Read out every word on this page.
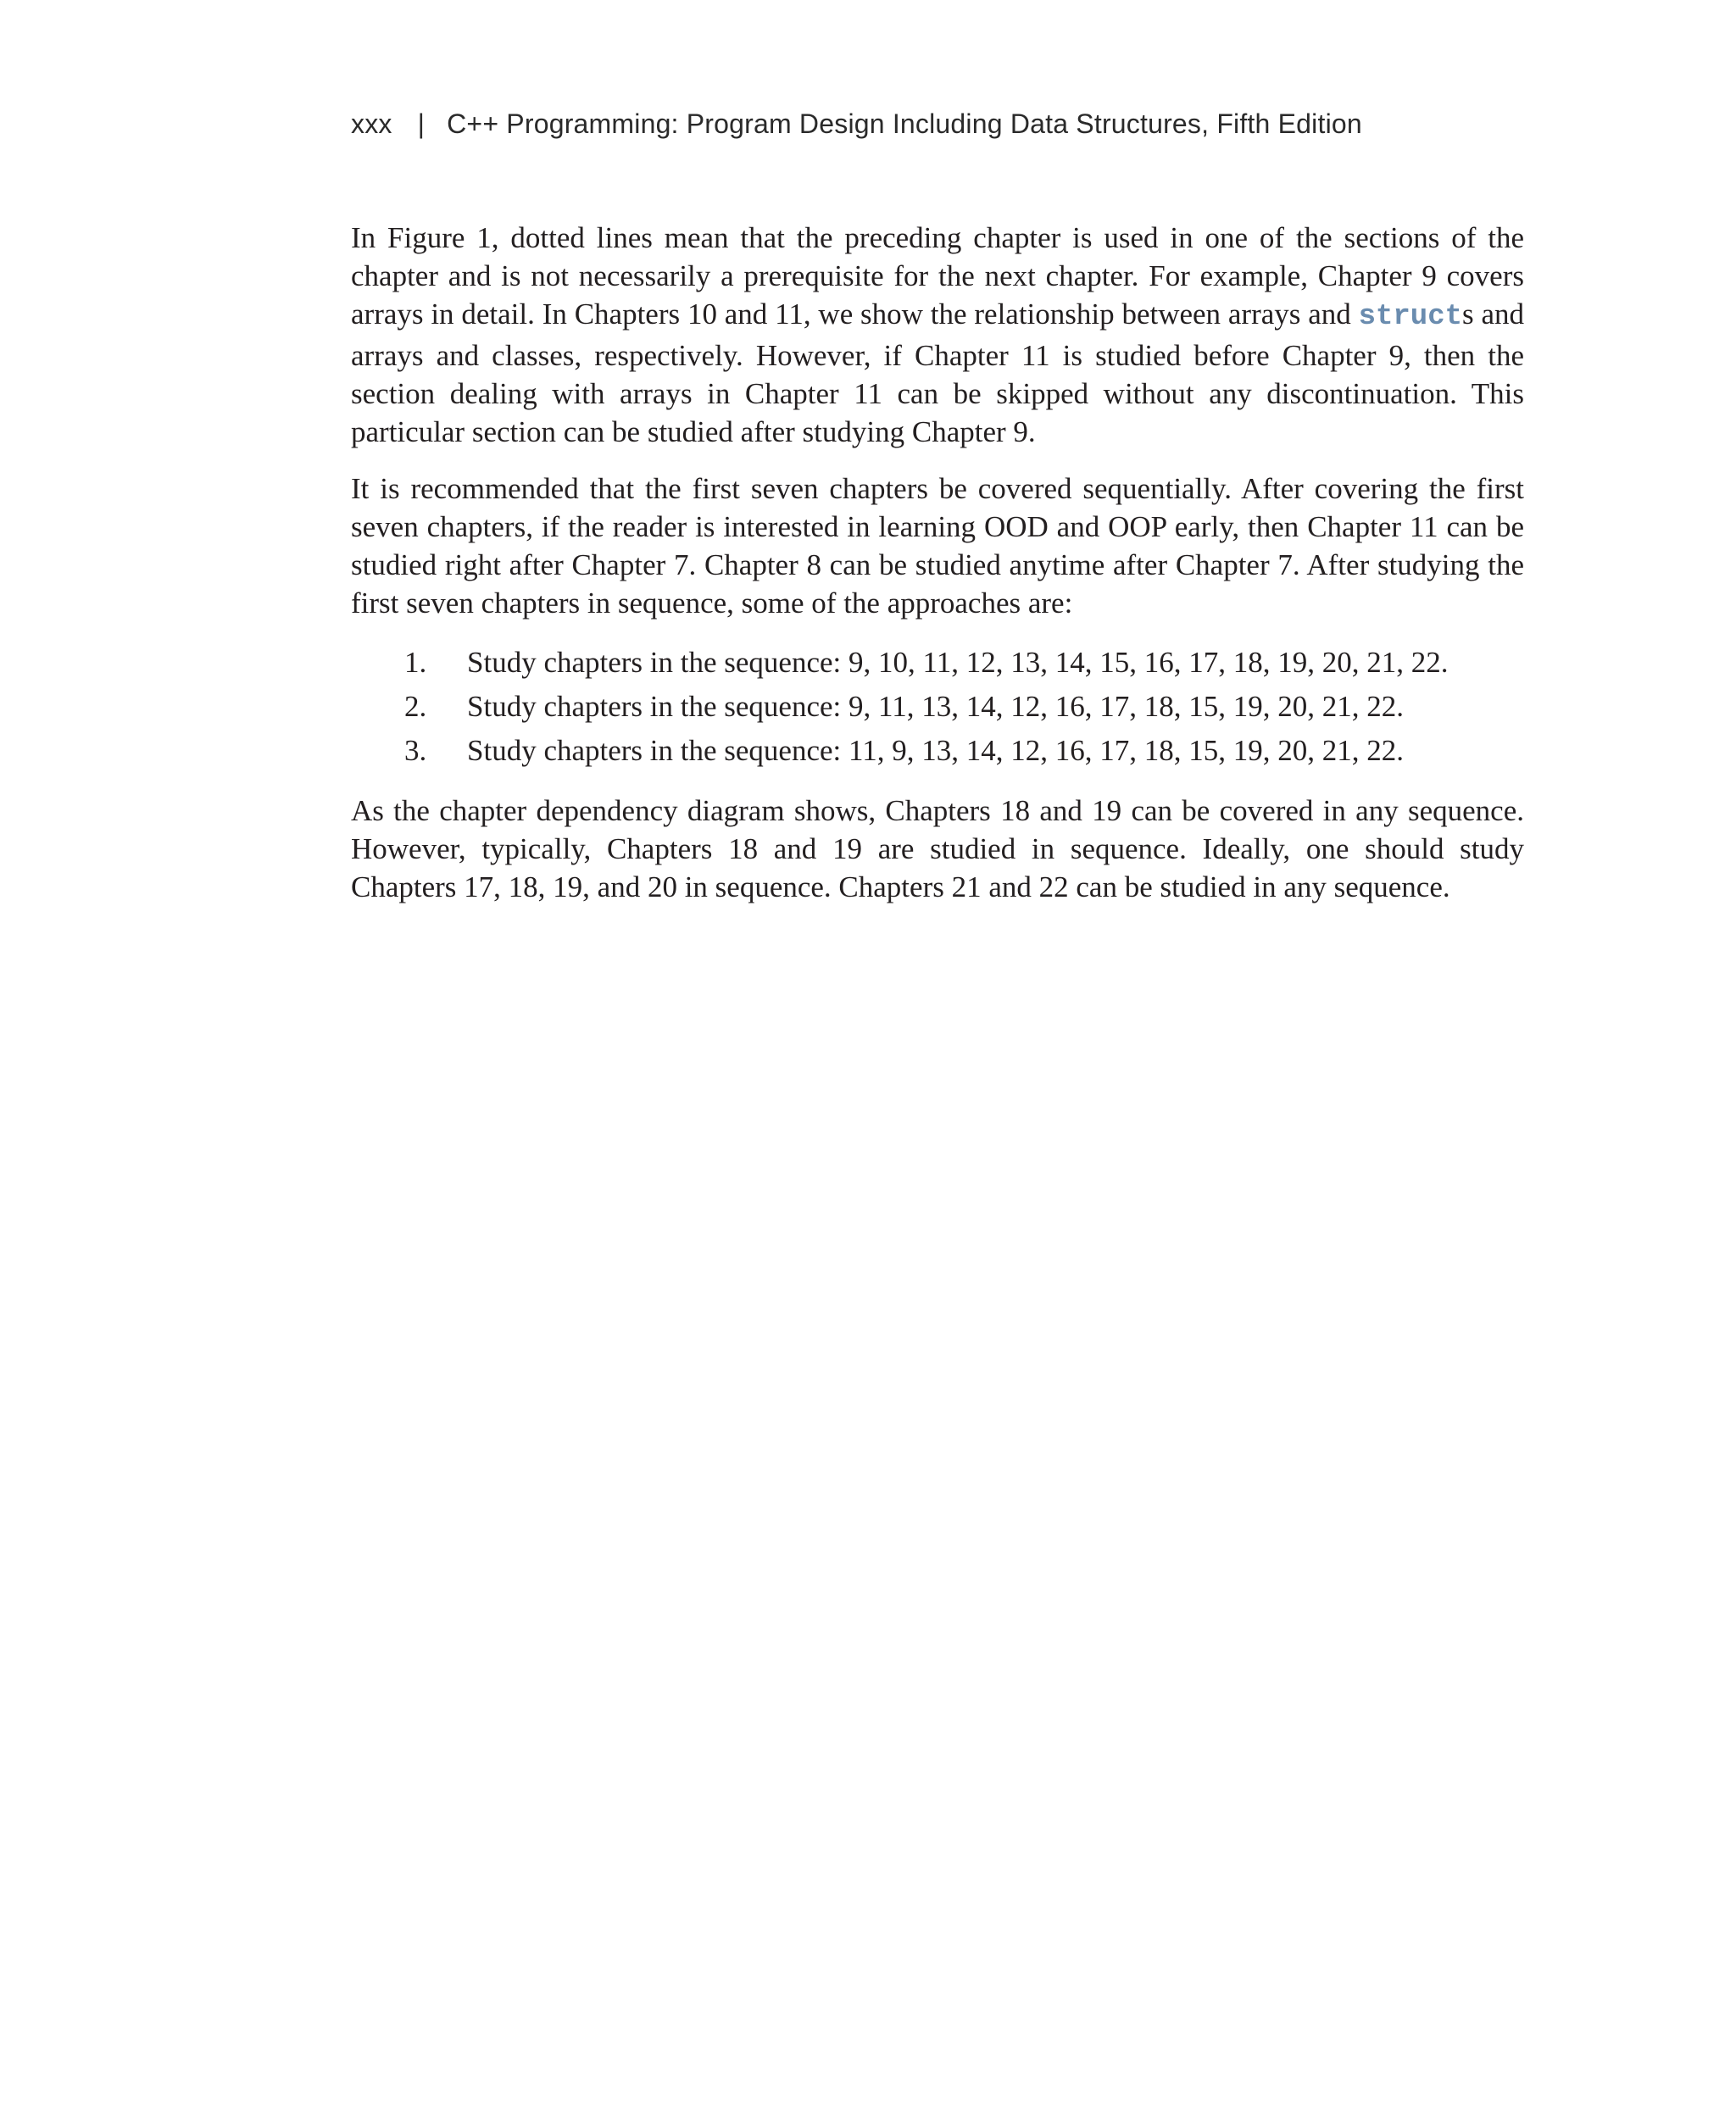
xxx | C++ Programming: Program Design Including Data Structures, Fifth Edition

In Figure 1, dotted lines mean that the preceding chapter is used in one of the sections of the chapter and is not necessarily a prerequisite for the next chapter. For example, Chapter 9 covers arrays in detail. In Chapters 10 and 11, we show the relationship between arrays and structs and arrays and classes, respectively. However, if Chapter 11 is studied before Chapter 9, then the section dealing with arrays in Chapter 11 can be skipped without any discontinuation. This particular section can be studied after studying Chapter 9.

It is recommended that the first seven chapters be covered sequentially. After covering the first seven chapters, if the reader is interested in learning OOD and OOP early, then Chapter 11 can be studied right after Chapter 7. Chapter 8 can be studied anytime after Chapter 7. After studying the first seven chapters in sequence, some of the approaches are:

1.	Study chapters in the sequence: 9, 10, 11, 12, 13, 14, 15, 16, 17, 18, 19, 20, 21, 22.
2.	Study chapters in the sequence: 9, 11, 13, 14, 12, 16, 17, 18, 15, 19, 20, 21, 22.
3.	Study chapters in the sequence: 11, 9, 13, 14, 12, 16, 17, 18, 15, 19, 20, 21, 22.

As the chapter dependency diagram shows, Chapters 18 and 19 can be covered in any sequence. However, typically, Chapters 18 and 19 are studied in sequence. Ideally, one should study Chapters 17, 18, 19, and 20 in sequence. Chapters 21 and 22 can be studied in any sequence.
